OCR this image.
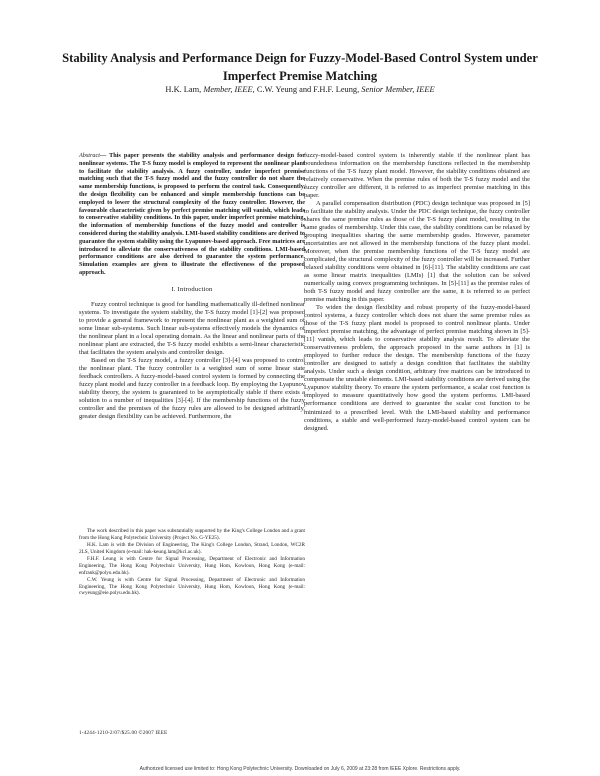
Stability Analysis and Performance Deign for Fuzzy-Model-Based Control System under Imperfect Premise Matching
H.K. Lam, Member, IEEE, C.W. Yeung and F.H.F. Leung, Senior Member, IEEE
Abstract— This paper presents the stability analysis and performance design for nonlinear systems. The T-S fuzzy model is employed to represent the nonlinear plant to facilitate the stability analysis. A fuzzy controller, under imperfect premise matching such that the T-S fuzzy model and the fuzzy controller do not share the same membership functions, is proposed to perform the control task. Consequently, the design flexibility can be enhanced and simple membership functions can be employed to lower the structural complexity of the fuzzy controller. However, the favourable characteristic given by perfect premise matching will vanish, which leads to conservative stability conditions. In this paper, under imperfect premise matching, the information of membership functions of the fuzzy model and controller is considered during the stability analysis. LMI-based stability conditions are derived to guarantee the system stability using the Lyapunov-based approach. Free matrices are introduced to alleviate the conservativeness of the stability conditions. LMI-based performance conditions are also derived to guarantee the system performance. Simulation examples are given to illustrate the effectiveness of the proposed approach.
I. Introduction

Fuzzy control technique is good for handling mathematically ill-defined nonlinear systems. To investigate the system stability, the T-S fuzzy model [1]-[2] was proposed to provide a general framework to represent the nonlinear plant as a weighted sum of some linear sub-systems. Such linear sub-systems effectively models the dynamics of the nonlinear plant in a local operating domain. As the linear and nonlinear parts of the nonlinear plant are extracted, the T-S fuzzy model exhibits a semi-linear characteristic that facilitates the system analysis and controller design.

Based on the T-S fuzzy model, a fuzzy controller [3]-[4] was proposed to control the nonlinear plant. The fuzzy controller is a weighted sum of some linear state feedback controllers. A fuzzy-model-based control system is formed by connecting the fuzzy plant model and fuzzy controller in a feedback loop. By employing the Lyapunov stability theory, the system is guaranteed to be asymptotically stable if there exists a solution to a number of inequalities [3]-[4]. If the membership functions of the fuzzy controller and the premises of the fuzzy rules are allowed to be designed arbitrarily, greater design flexibility can be achieved. Furthermore, the

fuzzy-model-based control system is inherently stable if the nonlinear plant has boundedness information on the membership functions reflected in the membership functions of the T-S fuzzy plant model. However, the stability conditions obtained are relatively conservative. When the premise rules of both the T-S fuzzy model and the fuzzy controller are different, it is referred to as imperfect premise matching in this paper.

A parallel compensation distribution (PDC) design technique was proposed in [5] to facilitate the stability analysis. Under the PDC design technique, the fuzzy controller shares the same premise rules as those of the T-S fuzzy plant model, resulting in the same grades of membership. Under this case, the stability conditions can be relaxed by grouping inequalities sharing the same membership grades. However, parameter uncertainties are not allowed in the membership functions of the fuzzy plant model. Moreover, when the premise membership functions of the T-S fuzzy model are complicated, the structural complexity of the fuzzy controller will be increased. Further relaxed stability conditions were obtained in [6]-[11]. The stability conditions are cast as some linear matrix inequalities (LMIs) [1] that the solution can be solved numerically using convex programming techniques. In [5]-[11] as the premise rules of both T-S fuzzy model and fuzzy controller are the same, it is referred to as perfect premise matching in this paper.

To widen the design flexibility and robust property of the fuzzy-model-based control systems, a fuzzy controller which does not share the same premise rules as those of the T-S fuzzy plant model is proposed to control nonlinear plants. Under imperfect premise matching, the advantage of perfect premise matching shown in [5]-[11] vanish, which leads to conservative stability analysis result. To alleviate the conservativeness problem, the approach proposed in the same authors in [1] is employed to further reduce the design. The membership functions of the fuzzy controller are designed to satisfy a design condition that facilitates the stability analysis. Under such a design condition, arbitrary free matrices can be introduced to compensate the unstable elements. LMI-based stability conditions are derived using the Lyapunov stability theory. To ensure the system performance, a scalar cost function is employed to measure quantitatively how good the system performs. LMI-based performance conditions are derived to guarantee the scalar cost function to be minimized to a prescribed level. With the LMI-based stability and performance conditions, a stable and well-performed fuzzy-model-based control system can be designed.

The work described in this paper was substantially supported by the King's College London and a grant from the Hong Kong Polytechnic University (Project No. G-YE25).

H.K. Lam is with the Division of Engineering, The King's College London, Strand, London, WC2R 2LS, United Kingdom (e-mail: hak-keung.lam@kcl.ac.uk).

F.H.F. Leung is with Centre for Signal Processing, Department of Electronic and Information Engineering, The Hong Kong Polytechnic University, Hung Hom, Kowloon, Hong Kong (e-mail: enfrank@polyu.edu.hk).

C.W. Yeung is with Centre for Signal Processing, Department of Electronic and Information Engineering, The Hong Kong Polytechnic University, Hung Hom, Kowloon, Hong Kong (e-mail: cwyeung@eie.polyu.edu.hk).

1-4244-1210-2/07/$25.00 ©2007 IEEE
Authorized licensed use limited to: Hong Kong Polytechnic University. Downloaded on July 6, 2009 at 23:28 from IEEE Xplore. Restrictions apply.
